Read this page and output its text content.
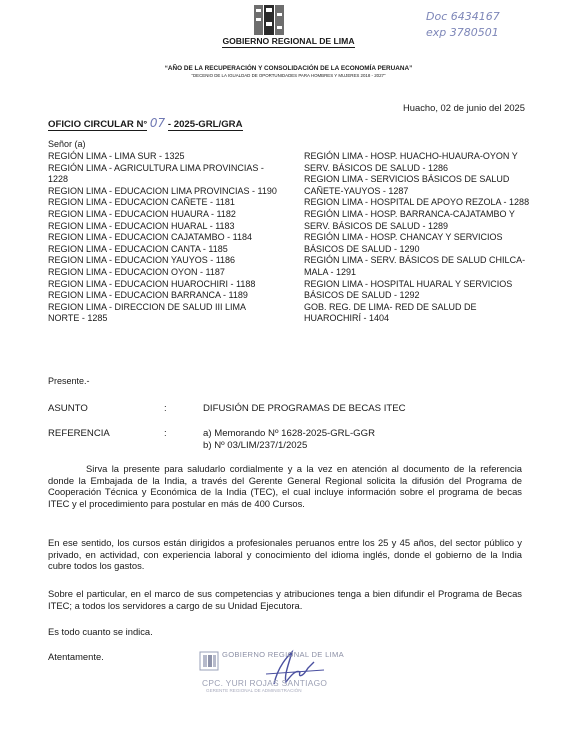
GOBIERNO REGIONAL DE LIMA
Doc 6434167
exp 3780501
“AÑO DE LA RECUPERACIÓN Y CONSOLIDACIÓN DE LA ECONOMÍA PERUANA”
“DECENIO DE LA IGUALDAD DE OPORTUNIDADES PARA HOMBRES Y MUJERES 2018 - 2027”
Huacho, 02 de junio del 2025
OFICIO CIRCULAR N° 07 - 2025-GRL/GRA
Señor (a)
REGIÓN LIMA - LIMA SUR - 1325
REGIÓN LIMA - AGRICULTURA LIMA PROVINCIAS - 1228
REGION LIMA - EDUCACION LIMA PROVINCIAS - 1190
REGION LIMA - EDUCACION CAÑETE - 1181
REGION LIMA - EDUCACION HUAURA - 1182
REGION LIMA - EDUCACION HUARAL - 1183
REGION LIMA - EDUCACION CAJATAMBO - 1184
REGION LIMA - EDUCACION CANTA - 1185
REGION LIMA - EDUCACION YAUYOS - 1186
REGION LIMA - EDUCACION OYON - 1187
REGION LIMA - EDUCACION HUAROCHIRI - 1188
REGION LIMA - EDUCACION BARRANCA - 1189
REGION LIMA - DIRECCION DE SALUD III LIMA NORTE - 1285
REGIÓN LIMA - HOSP. HUACHO-HUAURA-OYON Y SERV. BÁSICOS DE SALUD - 1286
REGION LIMA - SERVICIOS BÁSICOS DE SALUD CAÑETE-YAUYOS - 1287
REGION LIMA - HOSPITAL DE APOYO REZOLA - 1288
REGIÓN LIMA - HOSP. BARRANCA-CAJATAMBO Y SERV. BÁSICOS DE SALUD - 1289
REGIÓN LIMA - HOSP. CHANCAY Y SERVICIOS BÁSICOS DE SALUD - 1290
REGIÓN LIMA - SERV. BÁSICOS DE SALUD CHILCA-MALA - 1291
REGION LIMA - HOSPITAL HUARAL Y SERVICIOS BÁSICOS DE SALUD - 1292
GOB. REG. DE LIMA- RED DE SALUD DE HUAROCHIRÍ - 1404
Presente.-
ASUNTO	:	DIFUSIÓN DE PROGRAMAS DE BECAS ITEC
REFERENCIA	:	a) Memorando Nº 1628-2025-GRL-GGR
b) Nº 03/LIM/237/1/2025
Sirva la presente para saludarlo cordialmente y a la vez en atención al documento de la referencia donde la Embajada de la India, a través del Gerente General Regional solicita la difusión del Programa de Cooperación Técnica y Económica de la India (TEC), el cual incluye información sobre el programa de becas ITEC y el procedimiento para postular en más de 400 Cursos.
En ese sentido, los cursos están dirigidos a profesionales peruanos entre los 25 y 45 años, del sector público y privado, en actividad, con experiencia laboral y conocimiento del idioma inglés, donde el gobierno de la India cubre todos los gastos.
Sobre el particular, en el marco de sus competencias y atribuciones tenga a bien difundir el Programa de Becas ITEC; a todos los servidores a cargo de su Unidad Ejecutora.
Es todo cuanto se indica.
Atentamente.	GOBIERNO REGIONAL DE LIMA
CPC. YURI ROJAS SANTIAGO
GERENTE REGIONAL DE ADMINISTRACIÓN
